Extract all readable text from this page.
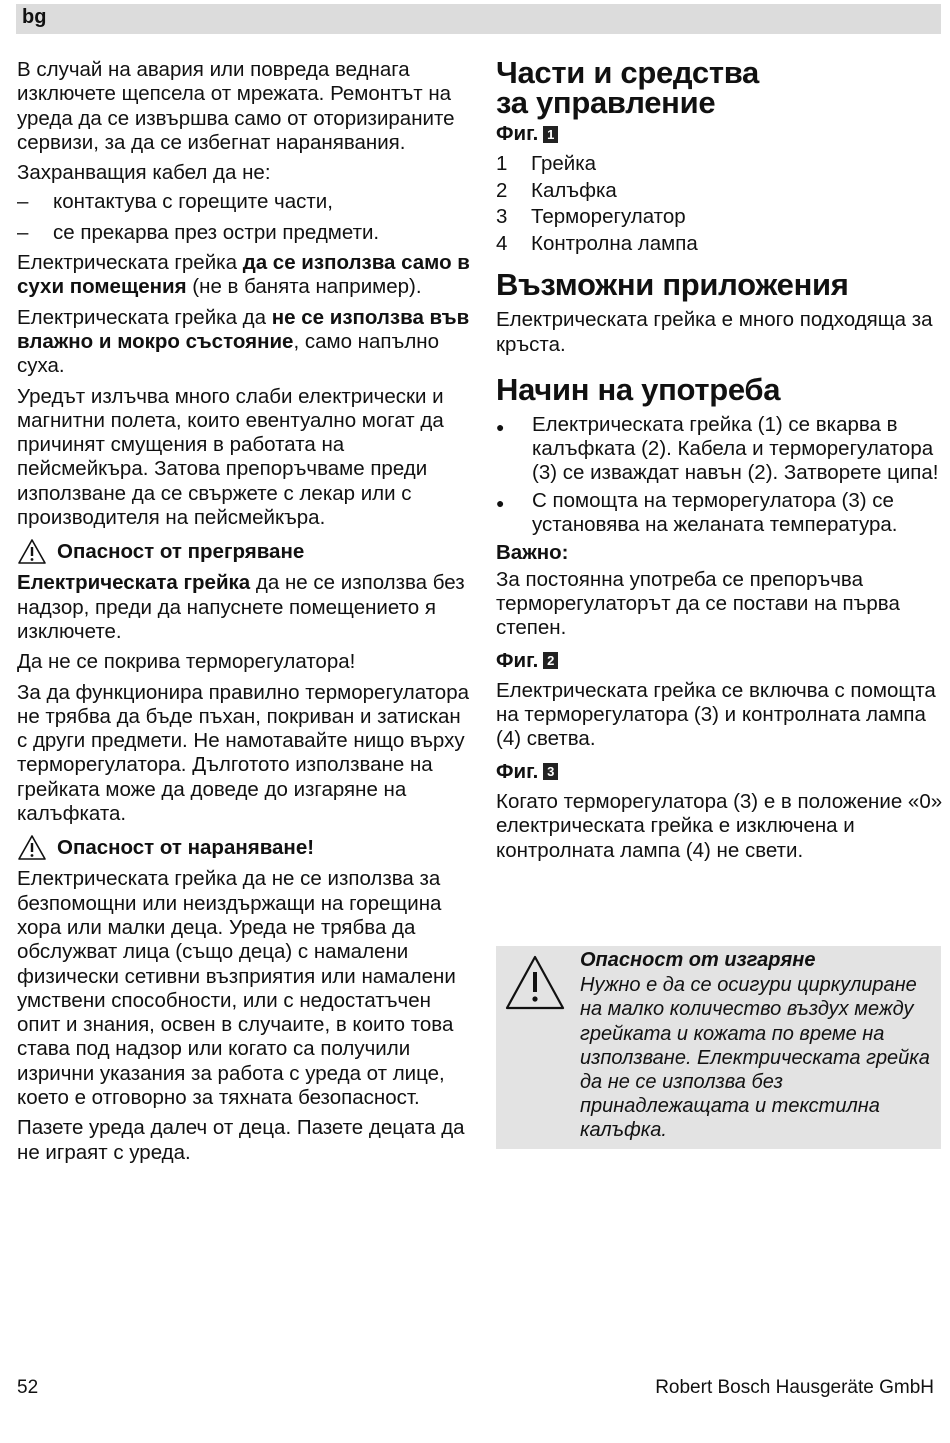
bg

В случай на авария или повреда веднага изключете щепсела от мрежата. Ремонтът на уреда да се извършва само от оторизираните сервизи, за да се избегнат наранявания.

Захранващия кабел да не:

–	контактува с горещите части,
–	се прекарва през остри предмети.

Електрическата грейка да се използва само в сухи помещения (не в банята например).

Електрическата грейка да не се използва във влажно и мокро състояние, само напълно суха.

Уредът излъчва много слаби електрически и магнитни полета, които евентуално могат да причинят смущения в работата на пейсмейкъра. Затова препоръчваме преди използване да се свържете с лекар или с производителя на пейсмейкъра.

Опасност от прегряване

Електрическата грейка да не се използва без надзор, преди да напуснете помещението я изключете.

Да не се покрива терморегулатора!

За да функционира правилно терморегулатора не трябва да бъде пъхан, покриван и затискан с други предмети. Не намотавайте нищо върху терморегулатора. Дълготото използване на грейката може да доведе до изгаряне на калъфката.

Опасност от нараняване!

Електрическата грейка да не се използва за безпомощни или неиздържащи на горещина хора или малки деца. Уреда не трябва да обслужват лица (също деца) с намалени физически сетивни възприятия или намалени умствени способности, или с недостатъчен опит и знания, освен в случаите, в които това става под надзор или когато са получили изрични указания за работа с уреда от лице, което е отговорно за тяхната безопасност.

Пазете уреда далеч от деца. Пазете децата да не играят с уреда.

Части и средства
за управление
Фиг. 1
1	Грейка
2	Калъфка
3	Терморегулатор
4	Контролна лампа
Възможни приложения

Електрическата грейка е много подходяща за кръста.

Начин на употреба
●	Електрическата грейка (1) се вкарва в калъфката (2). Кабела и терморегулатора (3) се изваждат навън (2). Затворете ципа!
●	С помощта на терморегулатора (3) се установява на желаната температура.
Важно:

За постоянна употреба се препоръчва терморегулаторът да се постави на първа степен.

Фиг. 2

Електрическата грейка се включва с помощта на терморегулатора (3) и контролната лампа (4) светва.

Фиг. 3

Когато терморегулатора (3) е в положение «0» електрическата грейка е изключена и контролната лампа (4) не свети.

Опасност от изгаряне
Нужно е да се осигури циркулиране на малко количество въздух между грейката и кожата по време на използване. Електрическата грейка да не се използва без принадлежащата и текстилна калъфка.
52	Robert Bosch Hausgeräte GmbH
